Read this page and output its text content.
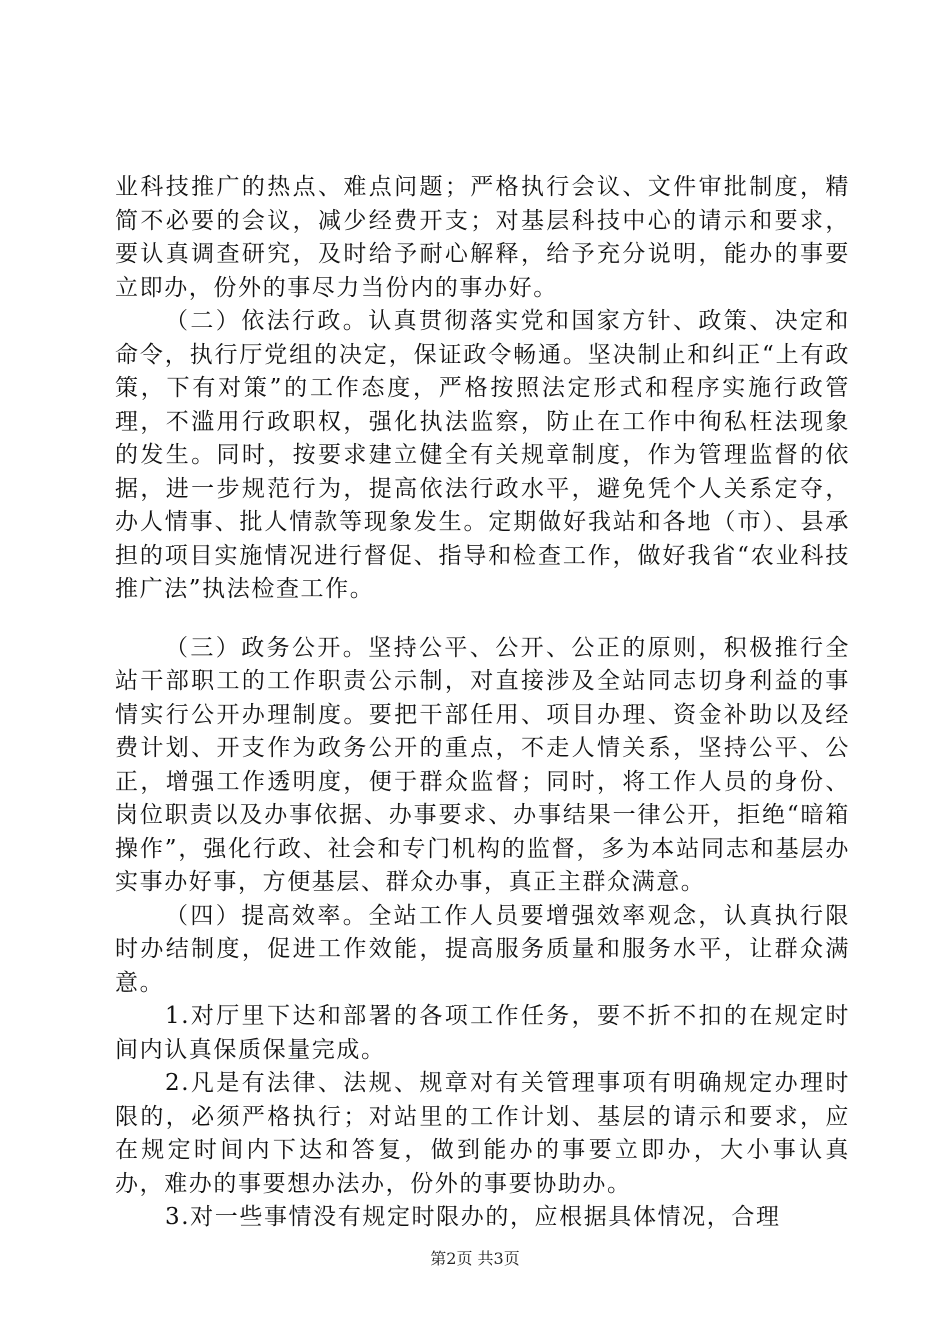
业科技推广的热点、难点问题；严格执行会议、文件审批制度，精简不必要的会议，减少经费开支；对基层科技中心的请示和要求，要认真调查研究，及时给予耐心解释，给予充分说明，能办的事要立即办，份外的事尽力当份内的事办好。

（二）依法行政。认真贯彻落实党和国家方针、政策、决定和命令，执行厅党组的决定，保证政令畅通。坚决制止和纠正“上有政策，下有对策”的工作态度，严格按照法定形式和程序实施行政管理，不滥用行政职权，强化执法监察，防止在工作中徇私枉法现象的发生。同时，按要求建立健全有关规章制度，作为管理监督的依据，进一步规范行为，提高依法行政水平，避免凭个人关系定夺，办人情事、批人情款等现象发生。定期做好我站和各地（市）、县承担的项目实施情况进行督促、指导和检查工作，做好我省“农业科技推广法”执法检查工作。

（三）政务公开。坚持公平、公开、公正的原则，积极推行全站干部职工的工作职责公示制，对直接涉及全站同志切身利益的事情实行公开办理制度。要把干部任用、项目办理、资金补助以及经费计划、开支作为政务公开的重点，不走人情关系，坚持公平、公正，增强工作透明度，便于群众监督；同时，将工作人员的身份、岗位职责以及办事依据、办事要求、办事结果一律公开，拒绝“暗箱操作”，强化行政、社会和专门机构的监督，多为本站同志和基层办实事办好事，方便基层、群众办事，真正主群众满意。

（四）提高效率。全站工作人员要增强效率观念，认真执行限时办结制度，促进工作效能，提高服务质量和服务水平，让群众满意。

1.对厅里下达和部署的各项工作任务，要不折不扣的在规定时间内认真保质保量完成。

2.凡是有法律、法规、规章对有关管理事项有明确规定办理时限的，必须严格执行；对站里的工作计划、基层的请示和要求，应在规定时间内下达和答复，做到能办的事要立即办，大小事认真办，难办的事要想办法办，份外的事要协助办。

3.对一些事情没有规定时限办的，应根据具体情况，合理

第2页 共3页
